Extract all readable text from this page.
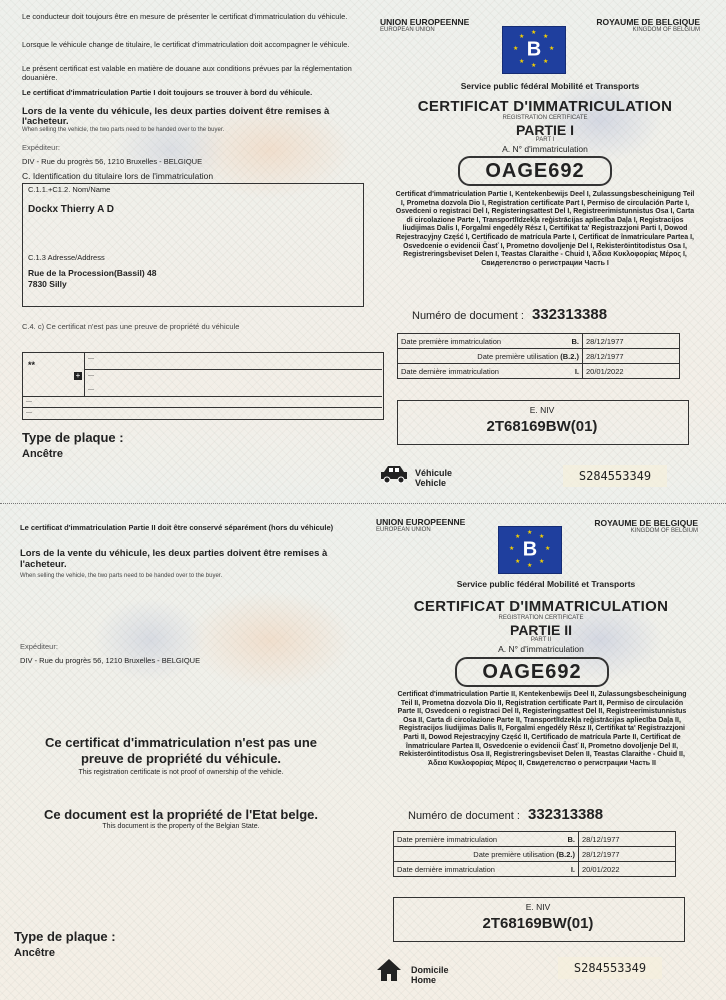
Le conducteur doit toujours être en mesure de présenter le certificat d'immatriculation du véhicule.
Lorsque le véhicule change de titulaire, le certificat d'immatriculation doit accompagner le véhicule.
Le présent certificat est valable en matière de douane aux conditions prévues par la réglementation douanière.
Le certificat d'immatriculation Partie I doit toujours se trouver à bord du véhicule.
Lors de la vente du véhicule, les deux parties doivent être remises à l'acheteur.
When selling the vehicle, the two parts need to be handed over to the buyer.
Expéditeur:
DIV - Rue du progrès 56, 1210 Bruxelles - BELGIQUE
C. Identification du titulaire lors de l'immatriculation
C.1.1.+C1.2. Nom/Name
Dockx Thierry A D
C.1.3 Adresse/Address
Rue de la Procession(Bassil) 48
7830 Silly
C.4. c) Ce certificat n'est pas une preuve de propriété du véhicule
**
+
---
---
---
---
---
Type de plaque :
Ancêtre
UNION EUROPEENNE
EUROPEAN UNION
ROYAUME DE BELGIQUE
KINGDOM OF BELGIUM
B
★
★
★
★
★
★
★
★
Service public fédéral Mobilité et Transports
CERTIFICAT D'IMMATRICULATION
REGISTRATION CERTIFICATE
PARTIE I
PART I
A. N° d'immatriculation
OAGE692
Certificat d'immatriculation Partie I, Kentekenbewijs Deel I, Zulassungsbescheinigung Teil I, Prometna dozvola Dio I, Registration certificate Part I, Permiso de circulación Parte I, Osvedceni o registraci Del I, Registeringsattest Del I, Registreerimistunnistus Osa I, Carta di circolazione Parte I, Transportlīdzekļa reģistrācijas apliecība Daļa I, Registracijos liudijimas Dalis I, Forgalmi engedély Rész I, Certifikat ta' Registrazzjoni Parti I, Dowod Rejestracyjny Część I, Certificado de matrícula Parte I, Certificat de înmatriculare Partea I, Osvedcenie o evidencii Časť I, Prometno dovoljenje Del I, Rekisteröintitodistus Osa I, Registreringsbeviset Delen I, Teastas Claraithe - Chuid I, Άδεια Κυκλοφορίας Μέρος I, Свидетелство о регистрации Часть I
Numéro de document : 332313388
Date première immatriculation B.	28/12/1977
Date première utilisation (B.2.)	28/12/1977
Date dernière immatriculation I.	20/01/2022
E. NIV
2T68169BW(01)
Véhicule
Vehicle	S284553349
Le certificat d'immatriculation Partie II doit être conservé séparément (hors du véhicule)
Lors de la vente du véhicule, les deux parties doivent être remises à l'acheteur.
When selling the vehicle, the two parts need to be handed over to the buyer.
Expéditeur:
DIV - Rue du progrès 56, 1210 Bruxelles - BELGIQUE
Ce certificat d'immatriculation n'est pas une preuve de propriété du véhicule.
This registration certificate is not proof of ownership of the vehicle.
Ce document est la propriété de l'Etat belge.
This document is the property of the Belgian State.
Type de plaque :
Ancêtre
UNION EUROPEENNE
EUROPEAN UNION
ROYAUME DE BELGIQUE
KINGDOM OF BELGIUM
B
★
★
★
★
★
★
★
★
Service public fédéral Mobilité et Transports
CERTIFICAT D'IMMATRICULATION
REGISTRATION CERTIFICATE
PARTIE II
PART II
A. N° d'immatriculation
OAGE692
Certificat d'immatriculation Partie II, Kentekenbewijs Deel II, Zulassungsbescheinigung Teil II, Prometna dozvola Dio II, Registration certificate Part II, Permiso de circulación Parte II, Osvedceni o registraci Del II, Registeringsattest Del II, Registreerimistunnistus Osa II, Carta di circolazione Parte II, Transportlīdzekļa reģistrācijas apliecība Daļa II, Registracijos liudijimas Dalis II, Forgalmi engedély Rész II, Certifikat ta' Registrazzjoni Parti II, Dowod Rejestracyjny Część II, Certificado de matrícula Parte II, Certificat de înmatriculare Partea II, Osvedcenie o evidencii Časť II, Prometno dovoljenje Del II, Rekisteröintitodistus Osa II, Registreringsbeviset Delen II, Teastas Claraithe - Chuid II, Άδεια Κυκλοφορίας Μέρος II, Свидетелство о регистрации Часть II
Numéro de document : 332313388
Date première immatriculation B.	28/12/1977
Date première utilisation (B.2.)	28/12/1977
Date dernière immatriculation I.	20/01/2022
E. NIV
2T68169BW(01)
Domicile
Home
S284553349
